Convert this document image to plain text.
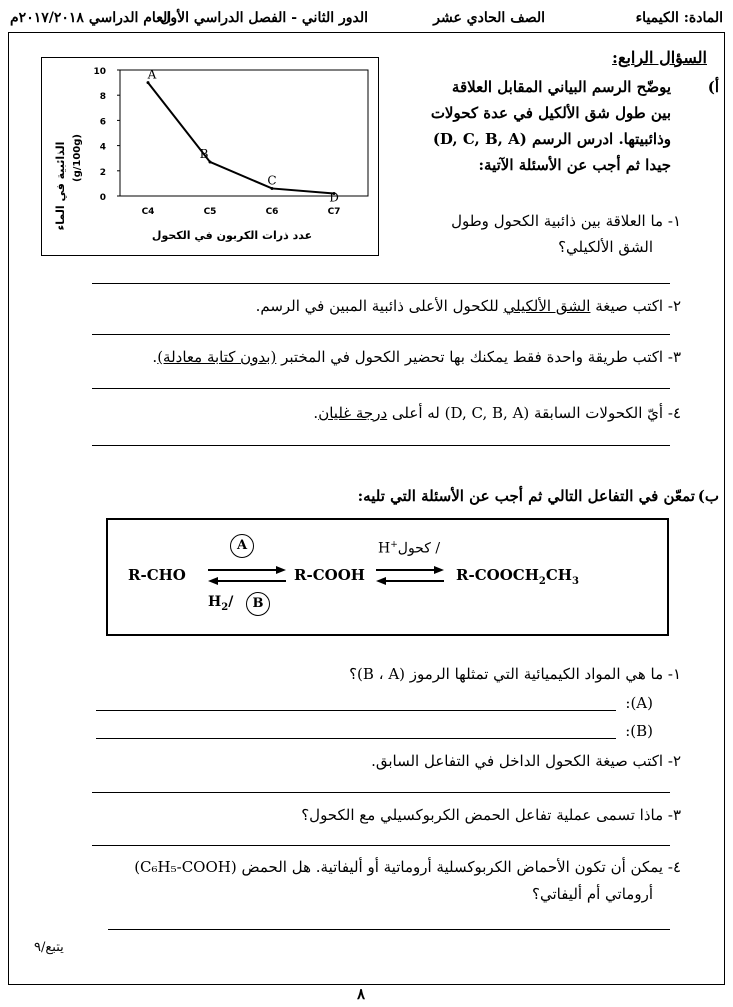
المادة: الكيمياء
الصف الحادي عشر
الدور الثاني - الفصل الدراسي الأول
العام الدراسي ٢٠١٧/٢٠١٨م
السؤال الرابع:
أ)
يوضّح الرسم البياني المقابل العلاقة
بين طول شق الألكيل في عدة كحولات
(D, C, B, A) وذائبيتها. ادرس الرسم
جيدا ثم أجب عن الأسئلة الآتية:
0
2
4
6
8
10
C4	C5	C6	C7
A
B
C
D
الذائبية في الماء (g/100g)
عدد ذرات الكربون في الكحول
١- ما العلاقة بين ذائبية الكحول وطول
الشق الألكيلي؟
٢- اكتب صيغة الشق الألكيلي للكحول الأعلى ذائبية المبين في الرسم.
٣- اكتب طريقة واحدة فقط يمكنك بها تحضير الكحول في المختبر (بدون كتابة معادلة).
٤- أيّ الكحولات السابقة (D, C, B, A) له أعلى درجة غليان.
ب)
تمعّن في التفاعل التالي ثم أجب عن الأسئلة التي تليه:
R-CHO	R-COOH	$R-COOCH_2CH_3$
A
$H_2/$	B
H+/ كحول
١- ما هي المواد الكيميائية التي تمثلها الرموز (B ، A)؟
:(A)
:(B)
٢- اكتب صيغة الكحول الداخل في التفاعل السابق.
٣- ماذا تسمى عملية تفاعل الحمض الكربوكسيلي مع الكحول؟
٤- يمكن أن تكون الأحماض الكربوكسلية أروماتية أو أليفاتية. هل الحمض (C₆H₅-COOH)
أروماتي أم أليفاتي؟
يتبع/٩
٨
